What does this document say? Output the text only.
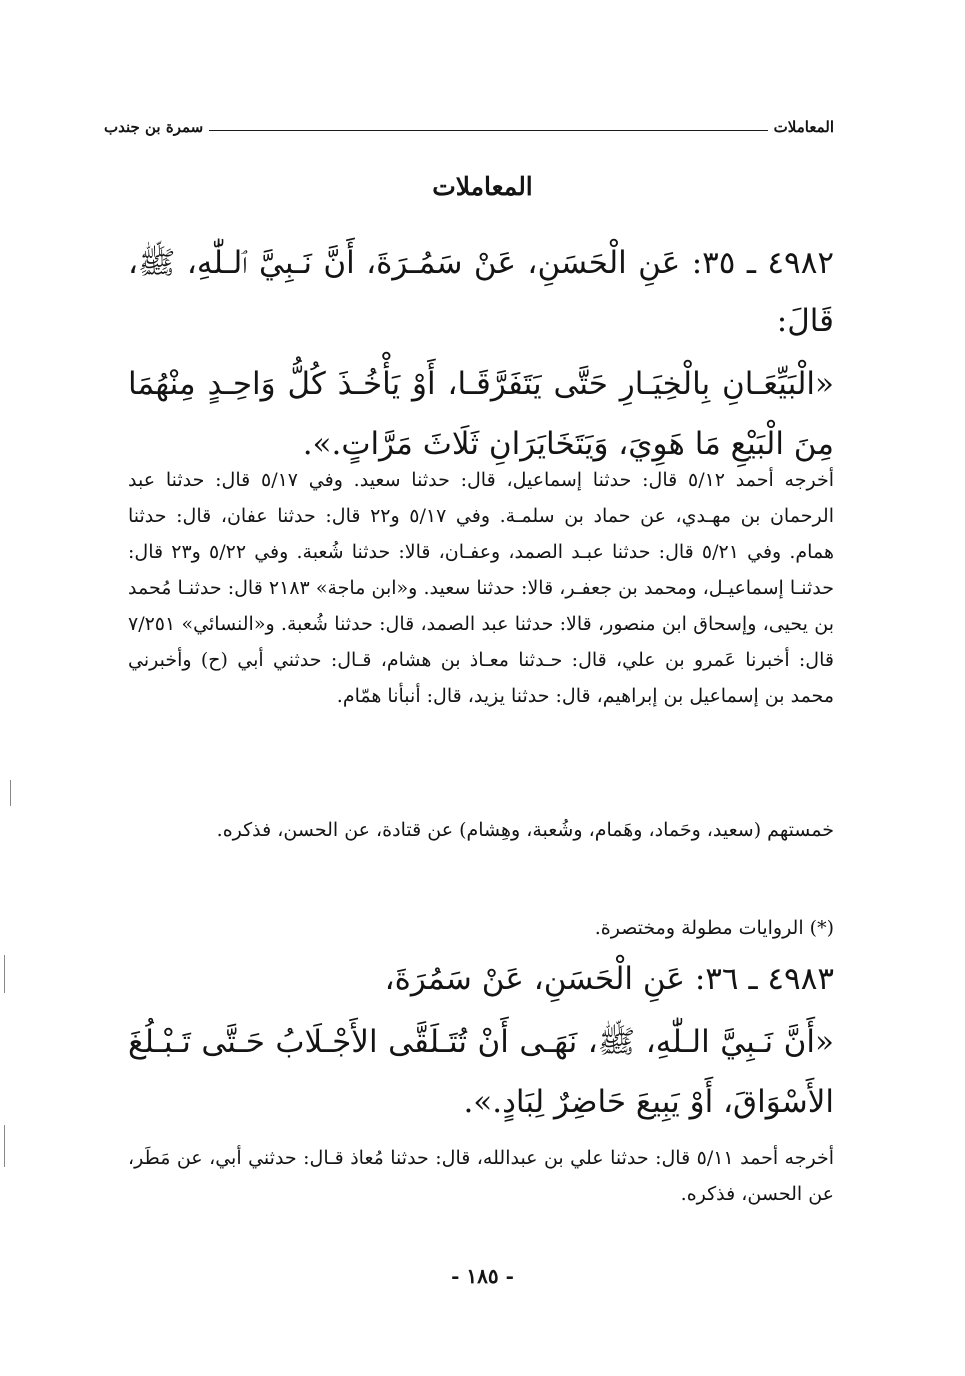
المعاملات
سمرة بن جندب
المعاملات
٤٩٨٢ ـ ٣٥: عَنِ الْحَسَنِ، عَنْ سَمُـرَةَ، أَنَّ نَـبِيَّ ٱلـلّٰهِ، ﷺ، قَالَ:
«الْبَيِّعَـانِ بِالْخِيَـارِ حَتَّى يَتَفَرَّقَـا، أَوْ يَأْخُـذَ كُلُّ وَاحِـدٍ مِنْهُمَا مِنَ الْبَيْعِ مَا هَوِيَ، وَيَتَخَايَرَانِ ثَلَاثَ مَرَّاتٍ.».
أخرجه أحمد ٥/١٢ قال: حدثنا إسماعيل، قال: حدثنا سعيد. وفي ٥/١٧ قال: حدثنا عبد الرحمان بن مهـدي، عن حماد بن سلمـة. وفي ٥/١٧ و٢٢ قال: حدثنا عفان، قال: حدثنا همام. وفي ٥/٢١ قال: حدثنا عبـد الصمد، وعفـان، قالا: حدثنا شُعبة. وفي ٥/٢٢ و٢٣ قال: حدثنـا إسماعيـل، ومحمد بن جعفـر، قالا: حدثنا سعيد. و«ابن ماجة» ٢١٨٣ قال: حدثنـا مُحمد بن يحيى، وإسحاق ابن منصور، قالا: حدثنا عبد الصمد، قال: حدثنا شُعبة. و«النسائي» ٧/٢٥١ قال: أخبرنا عَمرو بن علي، قال: حـدثنا معـاذ بن هشام، قـال: حدثني أبي (ح) وأخبرني محمد بن إسماعيل بن إبراهيم، قال: حدثنا يزيد، قال: أنبأنا همّام.
خمستهم (سعيد، وحَماد، وهَمام، وشُعبة، وهِشام) عن قتادة، عن الحسن، فذكره.
(*) الروايات مطولة ومختصرة.
٤٩٨٣ ـ ٣٦: عَنِ الْحَسَنِ، عَنْ سَمُرَةَ،
«أَنَّ نَـبِيَّ الـلّٰهِ، ﷺ، نَهَـى أَنْ تُتَـلَقَّى الأَجْـلَابُ حَـتَّى تَـبْـلُغَ الأَسْوَاقَ، أَوْ يَبِيعَ حَاضِرٌ لِبَادٍ.».
أخرجه أحمد ٥/١١ قال: حدثنا علي بن عبدالله، قال: حدثنا مُعاذ قـال: حدثني أبي، عن مَطَر، عن الحسن، فذكره.
- ١٨٥ -
